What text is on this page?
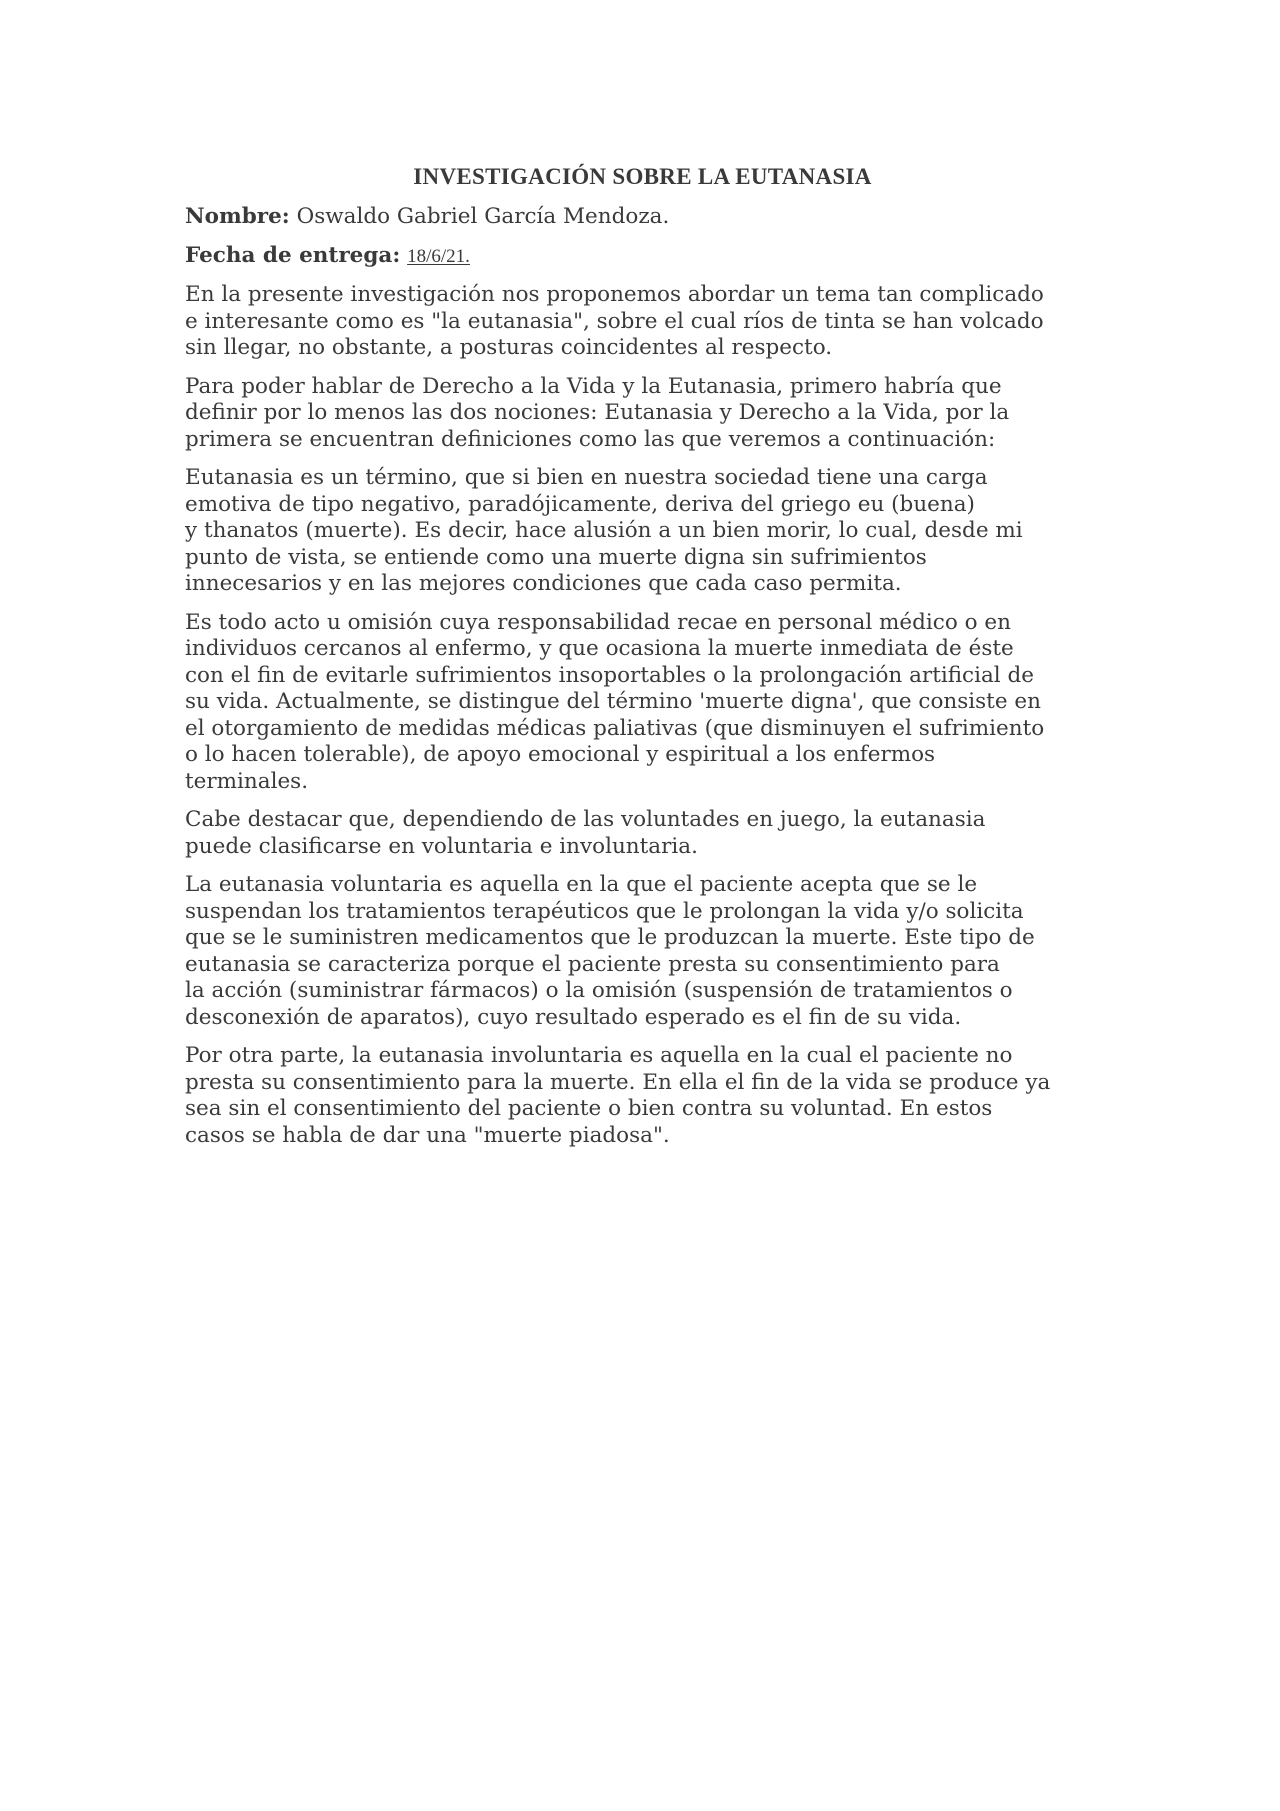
INVESTIGACIÓN SOBRE LA EUTANASIA

Nombre: Oswaldo Gabriel García Mendoza.

Fecha de entrega: 18/6/21.

En la presente investigación nos proponemos abordar un tema tan complicado
e interesante como es "la eutanasia", sobre el cual ríos de tinta se han volcado
sin llegar, no obstante, a posturas coincidentes al respecto.

Para poder hablar de Derecho a la Vida y la Eutanasia, primero habría que
definir por lo menos las dos nociones: Eutanasia y Derecho a la Vida, por la
primera se encuentran definiciones como las que veremos a continuación:

Eutanasia es un término, que si bien en nuestra sociedad tiene una carga
emotiva de tipo negativo, paradójicamente, deriva del griego eu (buena)
y thanatos (muerte). Es decir, hace alusión a un bien morir, lo cual, desde mi
punto de vista, se entiende como una muerte digna sin sufrimientos
innecesarios y en las mejores condiciones que cada caso permita.

Es todo acto u omisión cuya responsabilidad recae en personal médico o en
individuos cercanos al enfermo, y que ocasiona la muerte inmediata de éste
con el fin de evitarle sufrimientos insoportables o la prolongación artificial de
su vida. Actualmente, se distingue del término 'muerte digna', que consiste en
el otorgamiento de medidas médicas paliativas (que disminuyen el sufrimiento
o lo hacen tolerable), de apoyo emocional y espiritual a los enfermos
terminales.

Cabe destacar que, dependiendo de las voluntades en juego, la eutanasia
puede clasificarse en voluntaria e involuntaria.

La eutanasia voluntaria es aquella en la que el paciente acepta que se le
suspendan los tratamientos terapéuticos que le prolongan la vida y/o solicita
que se le suministren medicamentos que le produzcan la muerte. Este tipo de
eutanasia se caracteriza porque el paciente presta su consentimiento para
la acción (suministrar fármacos) o la omisión (suspensión de tratamientos o
desconexión de aparatos), cuyo resultado esperado es el fin de su vida.

Por otra parte, la eutanasia involuntaria es aquella en la cual el paciente no
presta su consentimiento para la muerte. En ella el fin de la vida se produce ya
sea sin el consentimiento del paciente o bien contra su voluntad. En estos
casos se habla de dar una "muerte piadosa".
